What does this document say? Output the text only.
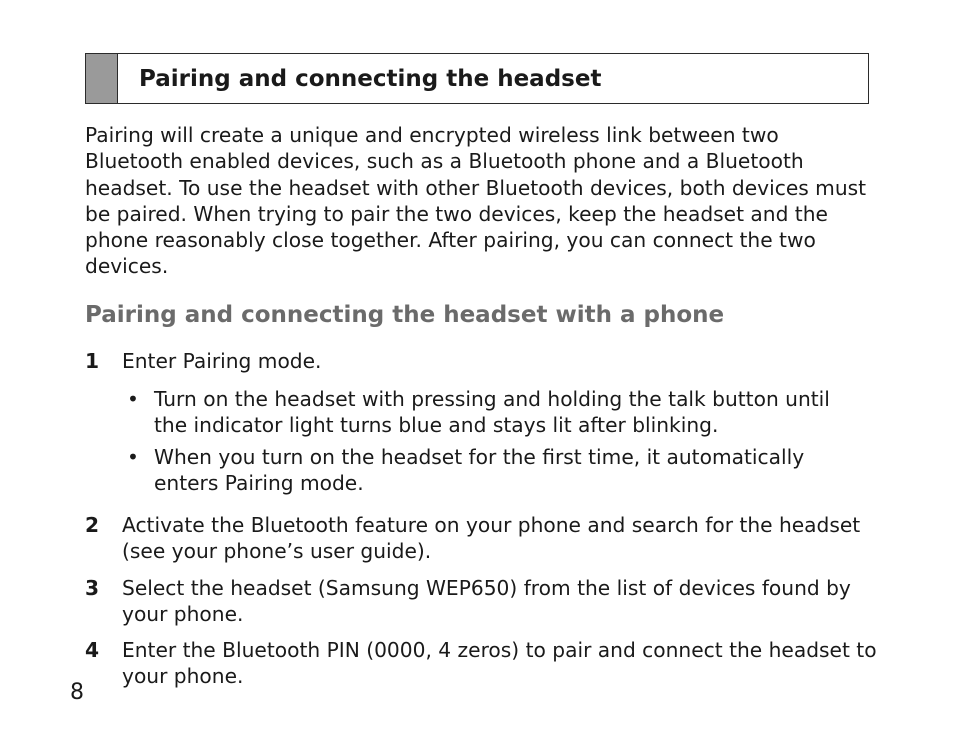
Pairing and connecting the headset

Pairing will create a unique and encrypted wireless link between two Bluetooth enabled devices, such as a Bluetooth phone and a Bluetooth headset. To use the headset with other Bluetooth devices, both devices must be paired. When trying to pair the two devices, keep the headset and the phone reasonably close together. After pairing, you can connect the two devices.

Pairing and connecting the headset with a phone
1 Enter Pairing mode.
• Turn on the headset with pressing and holding the talk button until the indicator light turns blue and stays lit after blinking.
• When you turn on the headset for the first time, it automatically enters Pairing mode.
2 Activate the Bluetooth feature on your phone and search for the headset (see your phone’s user guide).
3 Select the headset (Samsung WEP650) from the list of devices found by your phone.
4 Enter the Bluetooth PIN (0000, 4 zeros) to pair and connect the headset to your phone.
8
